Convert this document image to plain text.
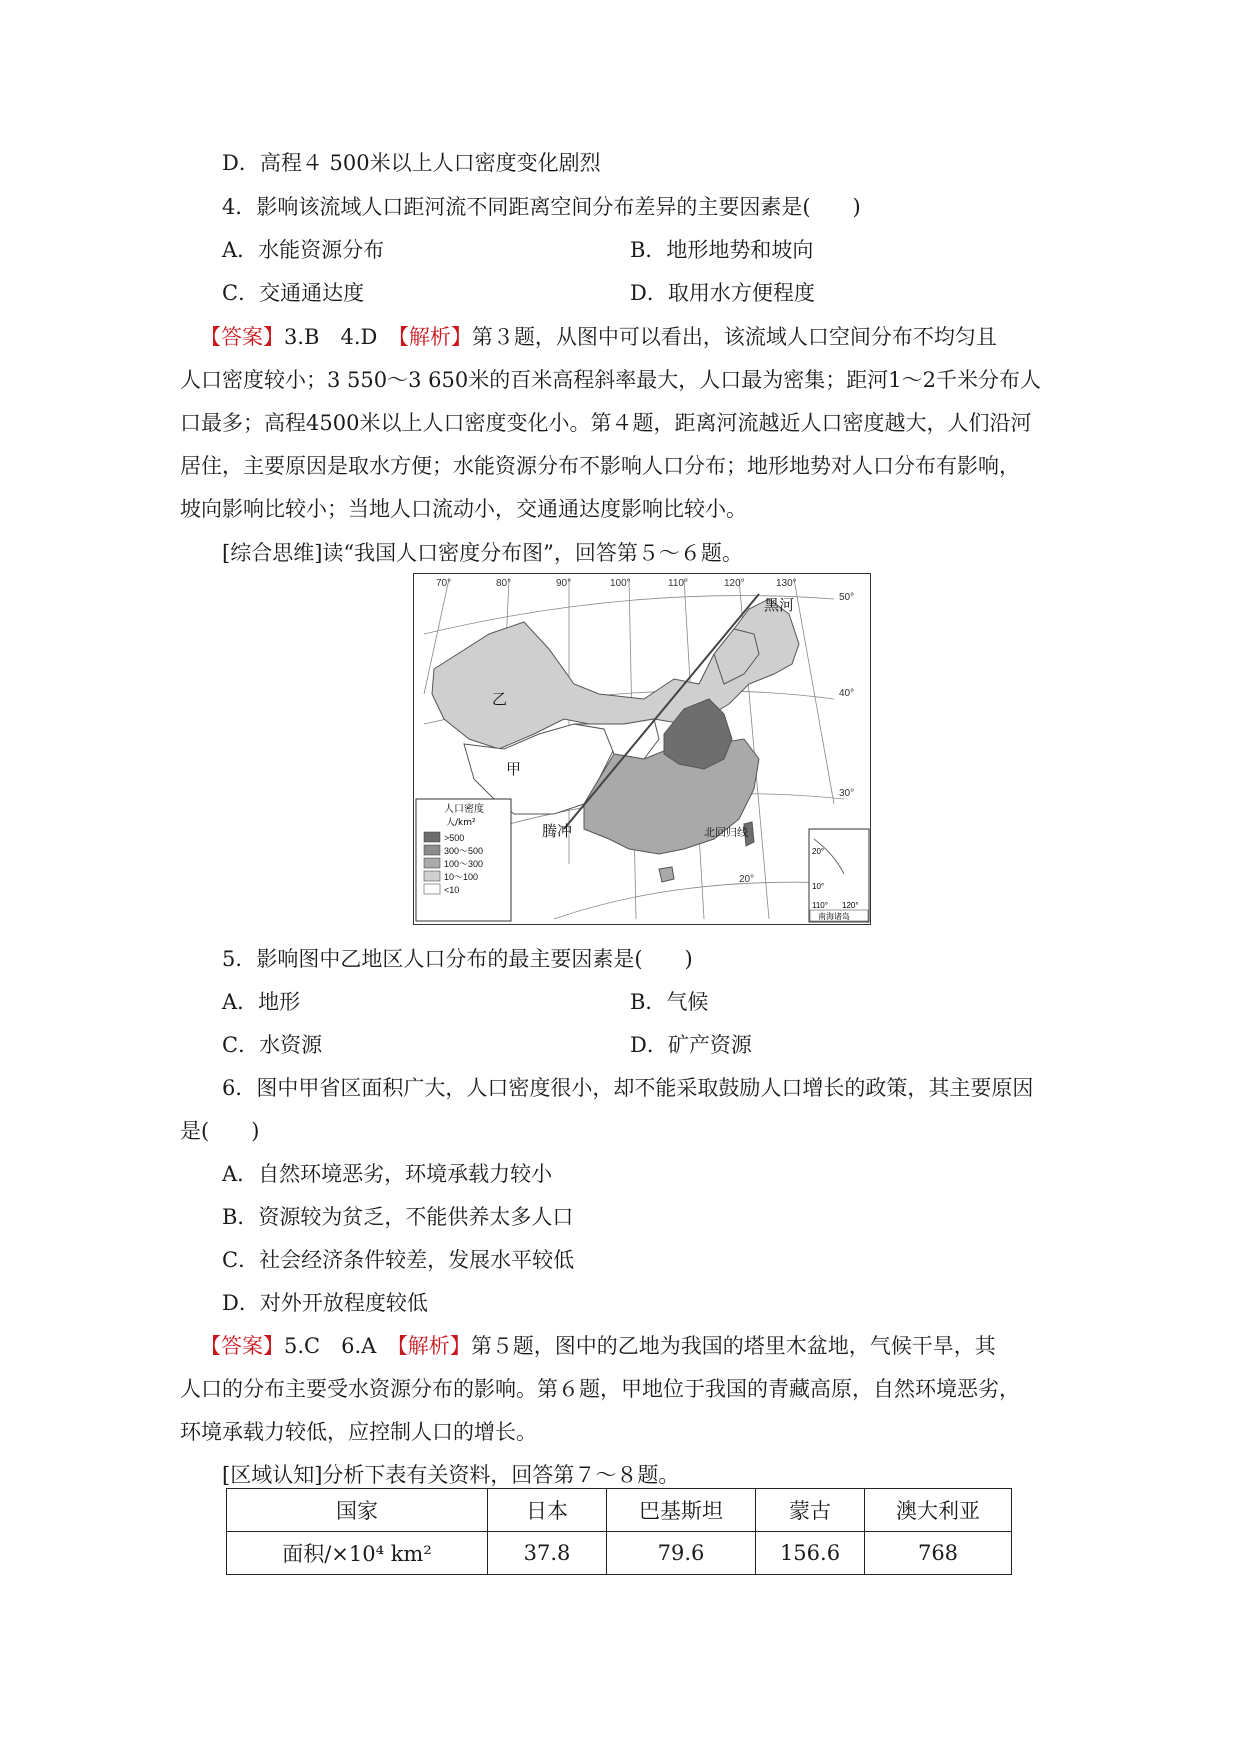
D．高程４ 500米以上人口密度变化剧烈
4．影响该流域人口距河流不同距离空间分布差异的主要因素是(　　)
A．水能资源分布	B．地形地势和坡向
C．交通通达度	D．取用水方便程度
【答案】3.B　4.D　【解析】第３题，从图中可以看出，该流域人口空间分布不均匀且
人口密度较小；3 550～3 650米的百米高程斜率最大，人口最为密集；距河1～2千米分布人
口最多；高程4500米以上人口密度变化小。第４题，距离河流越近人口密度越大，人们沿河
居住，主要原因是取水方便；水能资源分布不影响人口分布；地形地势对人口分布有影响，
坡向影响比较小；当地人口流动小，交通通达度影响比较小。
[综合思维]读“我国人口密度分布图”，回答第５～６题。
70°	80°	90°	100°	110°	120°	130°
50°
40°
30°
20°
黑河
乙
甲
腾冲	北回归线
人口密度
人/km²
>500
300～500
100～300
10～100
<10
20°
10°
110° 120°
南海诸岛
5．影响图中乙地区人口分布的最主要因素是(　　)
A．地形	B．气候
C．水资源	D．矿产资源
6．图中甲省区面积广大，人口密度很小，却不能采取鼓励人口增长的政策，其主要原因
是(　　)
A．自然环境恶劣，环境承载力较小
B．资源较为贫乏，不能供养太多人口
C．社会经济条件较差，发展水平较低
D．对外开放程度较低
【答案】5.C　6.A　【解析】第５题，图中的乙地为我国的塔里木盆地，气候干旱，其
人口的分布主要受水资源分布的影响。第６题，甲地位于我国的青藏高原，自然环境恶劣，
环境承载力较低，应控制人口的增长。
[区域认知]分析下表有关资料，回答第７～８题。
国家	日本	巴基斯坦	蒙古	澳大利亚
面积/×10⁴ km²	37.8	79.6	156.6	768
